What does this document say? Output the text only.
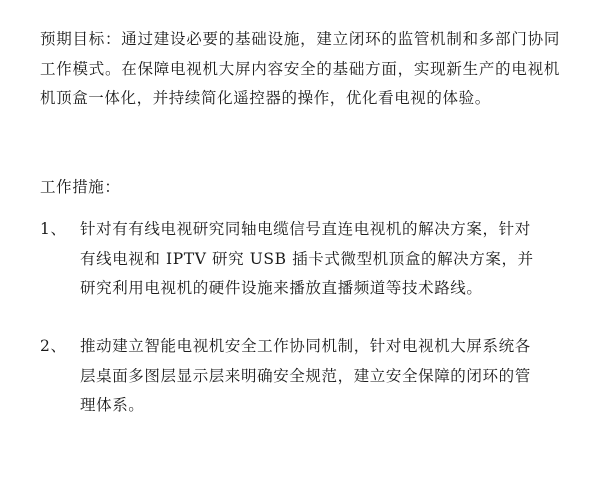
预期目标：通过建设必要的基础设施，建立闭环的监管机制和多部门协同工作模式。在保障电视机大屏内容安全的基础方面，实现新生产的电视机机顶盒一体化，并持续简化遥控器的操作，优化看电视的体验。

工作措施：

1、 针对有有线电视研究同轴电缆信号直连电视机的解决方案，针对有线电视和 IPTV 研究 USB 插卡式微型机顶盒的解决方案，并研究利用电视机的硬件设施来播放直播频道等技术路线。
2、 推动建立智能电视机安全工作协同机制，针对电视机大屏系统各层桌面多图层显示层来明确安全规范，建立安全保障的闭环的管理体系。
